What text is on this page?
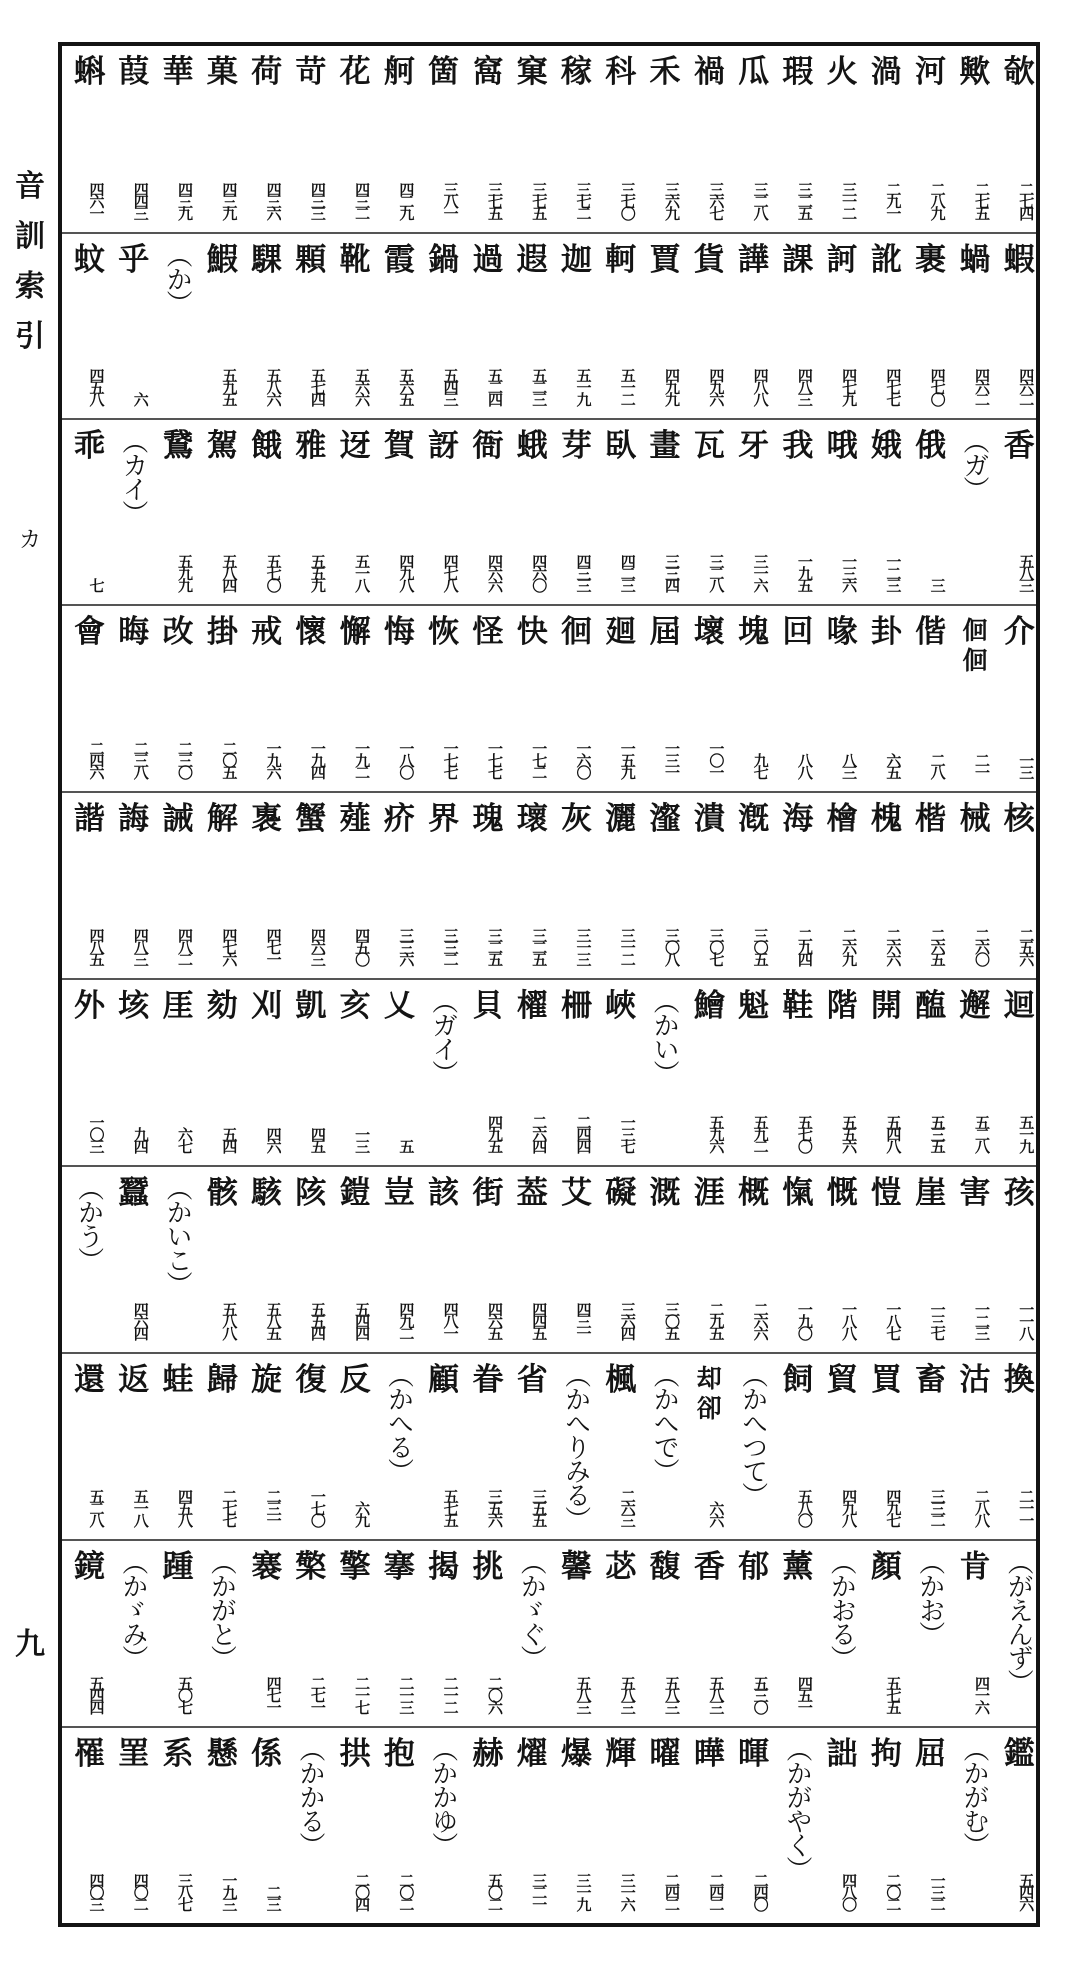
音
訓
索
引
カ
九
欹
二七四
歟
二七五
河
二八九
渦
二九一
火
三一二
瑕
三二五
瓜
三二八
禍
三六七
禾
三六九
科
三七〇
稼
三七二
窠
三七五
窩
三七五
箇
三八一
舸
四二九
花
四三二
苛
四三三
荷
四三六
菓
四三九
華
四三九
葭
四四三
蝌
四六一
蝦
四六二
蝸
四六二
裹
四七〇
訛
四七七
訶
四七九
課
四八三
譁
四八八
貨
四九六
賈
四九九
軻
五一二
迦
五一九
遐
五二三
過
五二四
鍋
五四三
霞
五六五
靴
五六六
顆
五七四
騍
五八六
鰕
五九五
（か）
乎
六
蚊
四五八
香
五八三
（ガ）
俄
三
娥
一二三
哦
一三六
我
一九五
牙
三一六
瓦
三二八
畫
三三四
臥
四二三
芽
四三三
蛾
四六〇
衙
四六六
訝
四七八
賀
四九八
迓
五一八
雅
五五九
餓
五七〇
駕
五八四
鵞
五九九
（カイ）
乖
七
介
一三
佪
佪
二一
偕
二八
卦
六五
喙
八三
回
八八
塊
九七
壞
一〇一
屆
一三一
廻
一五九
徊
一六〇
快
一七二
怪
一七七
恢
一七七
悔
一八〇
懈
一九二
懷
一九四
戒
一九六
掛
二〇五
改
二三〇
晦
二三八
會
二四六
核
二五六
械
二六〇
楷
二六五
槐
二六六
檜
二六九
海
二九四
漑
三〇五
潰
三〇七
瀣
三〇八
灑
三一二
灰
三一三
瓌
三二五
瑰
三二五
界
三三二
疥
三三六
薤
四五〇
蟹
四六三
褢
四七一
解
四七六
誡
四八二
誨
四八三
諧
四八五
迴
五一九
邂
五二八
醢
五三五
開
五四八
階
五五六
鞋
五七〇
魁
五九二
鱠
五九六
（かい）
峽
一三七
柵
二四四
櫂
二六四
貝
四九五
（ガイ）
乂
五
亥
一三
凱
四五
刈
四六
劾
五四
厓
六七
垓
九四
外
一〇三
孩
一一八
害
一二三
崖
一三七
愷
一八七
慨
一八八
愾
一九〇
概
二六六
涯
二九五
溉
三〇五
礙
三六四
艾
四三一
葢
四四五
街
四六五
該
四八一
豈
四九二
鎧
五四四
陔
五五四
駭
五八五
骸
五八八
（かいこ）
蠶
四六四
（かう）
換
二一一
沽
二八八
畜
三三二
買
四九七
貿
四九八
飼
五八〇
（かへつて）
却
卻
六六
（かへで）
楓
二六三
（かへりみる）
省
三五五
眷
三五六
顧
五七五
（かへる）
反
六九
復
一七〇
旋
二三一
歸
二七七
蛙
四五八
返
五一八
還
五二八
（がえんず）
肯
四一六
（かお）
顏
五七五
（かおる）
薰
四五一
郁
五三〇
香
五八三
馥
五八三
苾
五八三
馨
五八三
（かゞぐ）
挑
二〇六
揭
二一二
搴
二一三
擎
二一七
檠
二七一
褰
四七一
（かがと）
踵
五〇七
（かゞみ）
鏡
五四四
鑑
五四六
（かがむ）
屈
一三二
拘
二〇二
詘
四八〇
（かがやく）
暉
二四〇
曄
二四二
曜
二四二
輝
三一六
爆
三一九
燿
三二一
赫
五〇二
（かかゆ）
抱
二〇二
拱
二〇四
（かかる）
係
二三
懸
一九三
系
三八七
罣
四〇二
罹
四〇三
